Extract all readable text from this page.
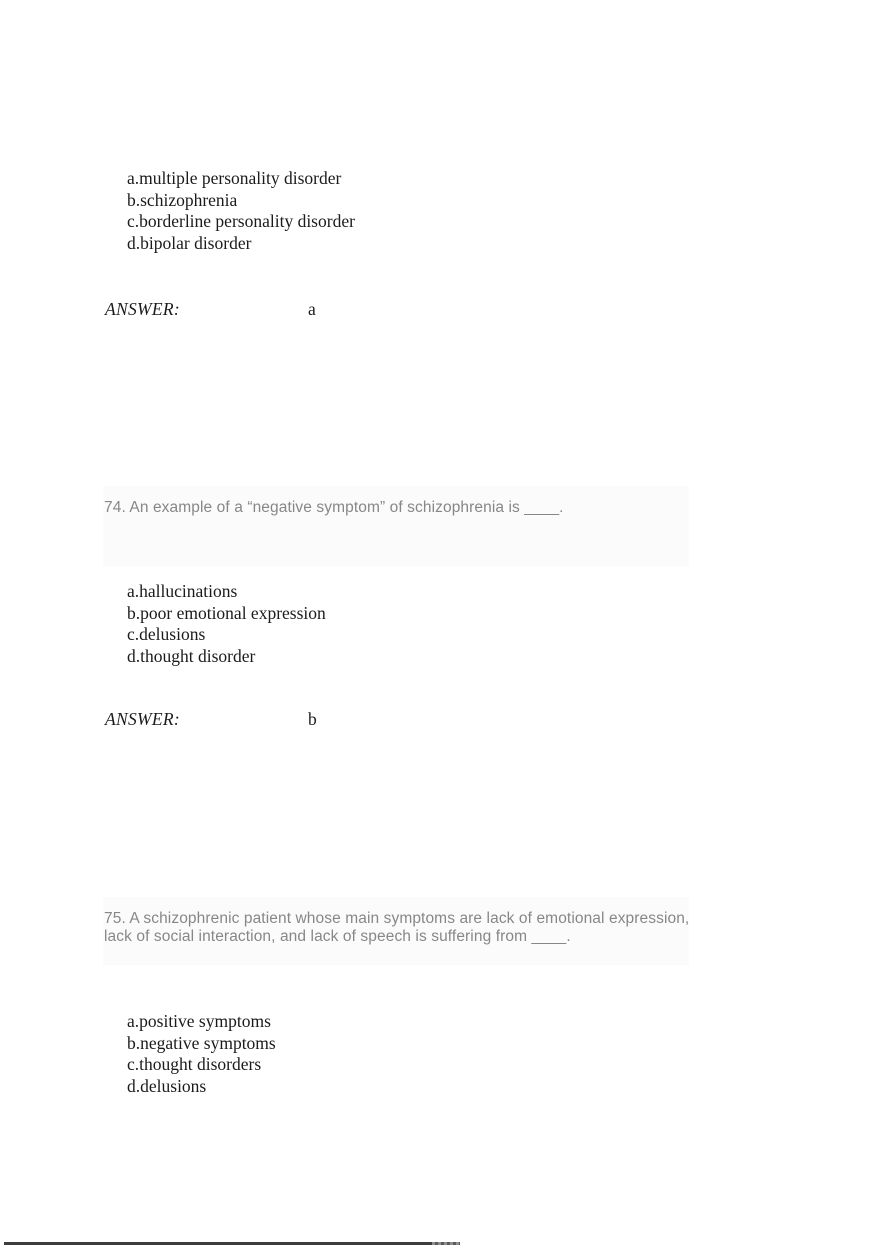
a.multiple personality disorder
b.schizophrenia
c.borderline personality disorder
d.bipolar disorder
ANSWER:	a
74. An example of a “negative symptom” of schizophrenia is ____.
a.hallucinations
b.poor emotional expression
c.delusions
d.thought disorder
ANSWER:	b
75. A schizophrenic patient whose main symptoms are lack of emotional expression, lack of social interaction, and lack of speech is suffering from ____.
a.positive symptoms
b.negative symptoms
c.thought disorders
d.delusions
